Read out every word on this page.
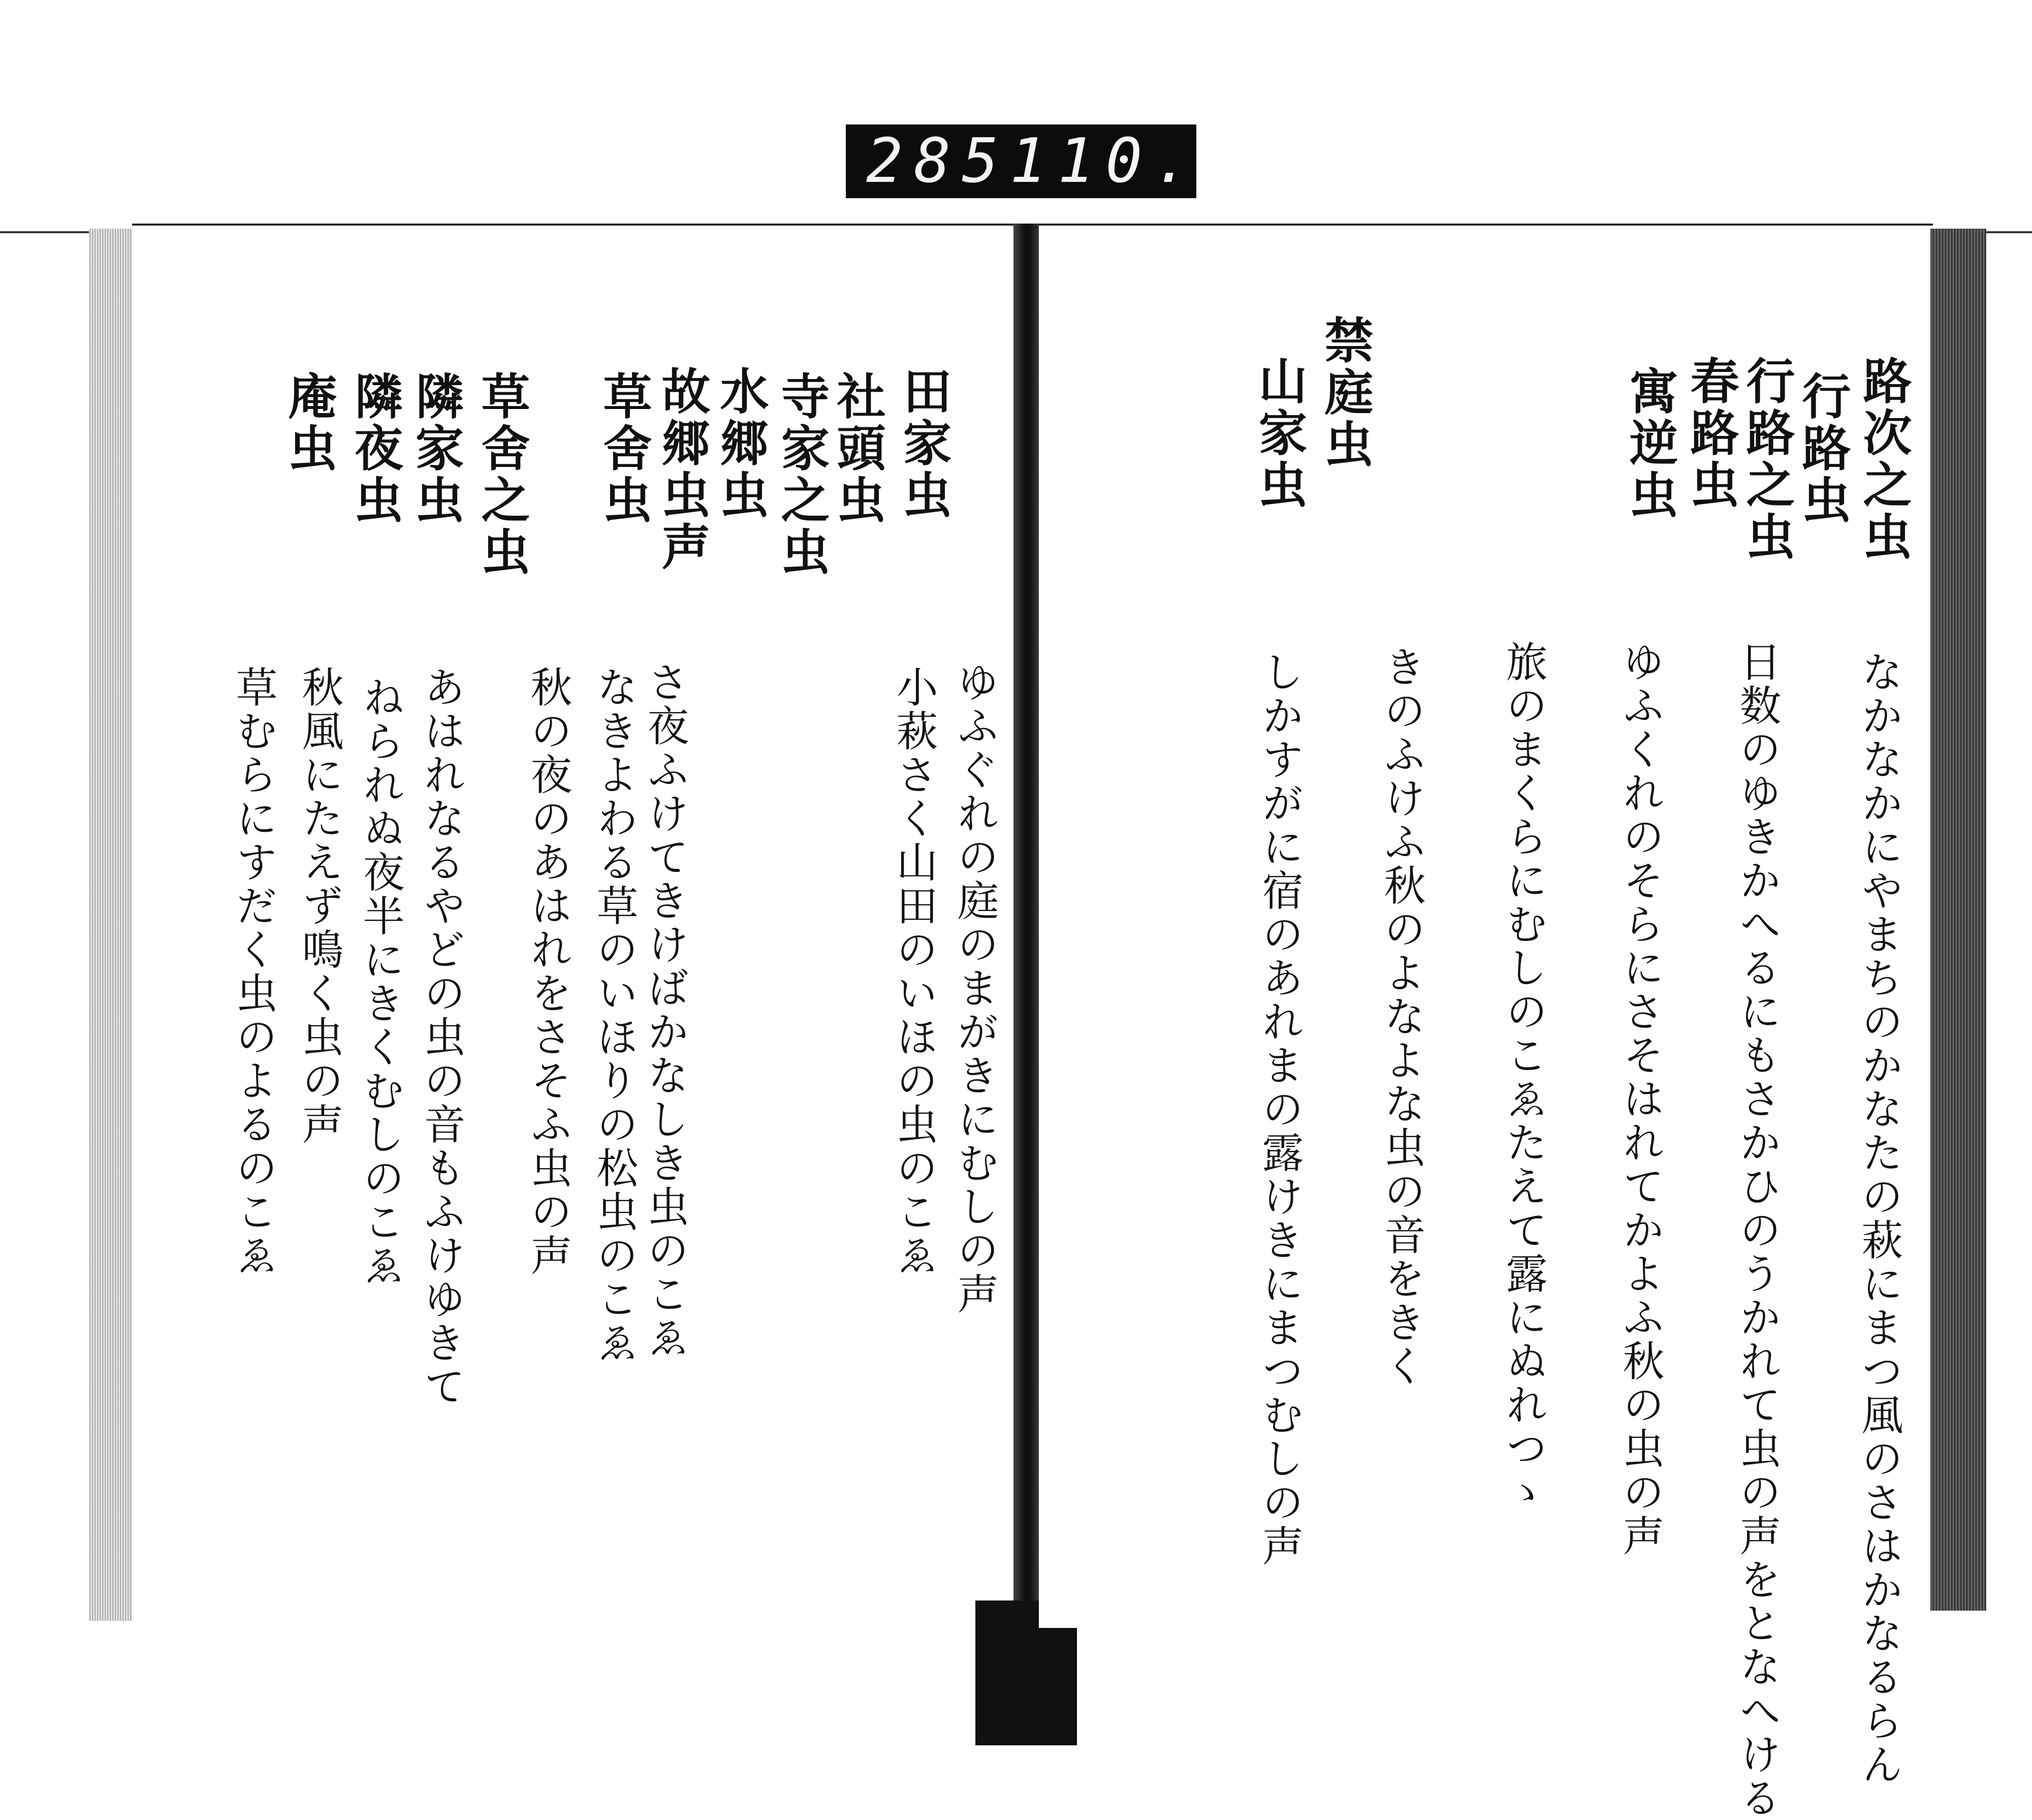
285 110.
路次之虫
行路虫
行路之虫
春路虫
寓逆虫
禁庭虫
山家虫
なかなかにやまちのかなたの萩にまつ風のさはかなるらん
日数のゆきかへるにもさかひのうかれて虫の声をとなへける
ゆふくれのそらにさそはれてかよふ秋の虫の声
旅のまくらにむしのこゑたえて露にぬれつゝ
きのふけふ秋のよなよな虫の音をきく
しかすがに宿のあれまの露けきにまつむしの声
田家虫
社頭虫
寺家之虫
水郷虫
故郷虫声
草舍虫
草舍之虫
隣家虫
隣夜虫
庵虫
ゆふぐれの庭のまがきにむしの声
小萩さく山田のいほの虫のこゑ
さ夜ふけてきけばかなしき虫のこゑ
なきよわる草のいほりの松虫のこゑ
秋の夜のあはれをさそふ虫の声
あはれなるやどの虫の音もふけゆきて
ねられぬ夜半にきくむしのこゑ
秋風にたえず鳴く虫の声
草むらにすだく虫のよるのこゑ
